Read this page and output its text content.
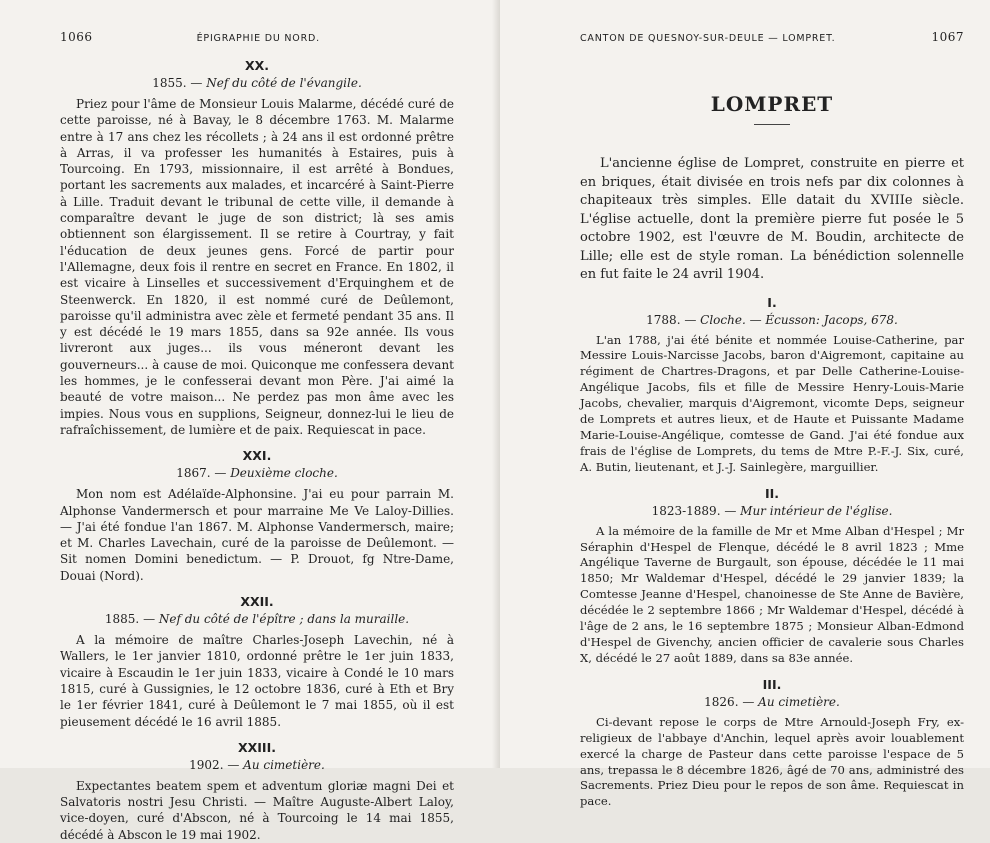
1066	ÉPIGRAPHIE DU NORD.
XX.
1855. — Nef du côté de l'évangile.

Priez pour l'âme de Monsieur Louis Malarme, décédé curé de cette paroisse, né à Bavay, le 8 décembre 1763. M. Malarme entre à 17 ans chez les récollets ; à 24 ans il est ordonné prêtre à Arras, il va professer les humanités à Estaires, puis à Tourcoing. En 1793, missionnaire, il est arrêté à Bondues, portant les sacrements aux malades, et incarcéré à Saint-Pierre à Lille. Traduit devant le tribunal de cette ville, il demande à comparaître devant le juge de son district; là ses amis obtiennent son élargissement. Il se retire à Courtray, y fait l'éducation de deux jeunes gens. Forcé de partir pour l'Allemagne, deux fois il rentre en secret en France. En 1802, il est vicaire à Linselles et successivement d'Erquinghem et de Steenwerck. En 1820, il est nommé curé de Deûlemont, paroisse qu'il administra avec zèle et fermeté pendant 35 ans. Il y est décédé le 19 mars 1855, dans sa 92e année. Ils vous livreront aux juges... ils vous méneront devant les gouverneurs... à cause de moi. Quiconque me confessera devant les hommes, je le confesserai devant mon Père. J'ai aimé la beauté de votre maison... Ne perdez pas mon âme avec les impies. Nous vous en supplions, Seigneur, donnez-lui le lieu de rafraîchissement, de lumière et de paix. Requiescat in pace.

XXI.
1867. — Deuxième cloche.

Mon nom est Adélaïde-Alphonsine. J'ai eu pour parrain M. Alphonse Vandermersch et pour marraine Me Ve Laloy-Dillies. — J'ai été fondue l'an 1867. M. Alphonse Vandermersch, maire; et M. Charles Lavechain, curé de la paroisse de Deûlemont. — Sit nomen Domini benedictum. — P. Drouot, fg Ntre-Dame, Douai (Nord).

XXII.
1885. — Nef du côté de l'épître ; dans la muraille.

A la mémoire de maître Charles-Joseph Lavechin, né à Wallers, le 1er janvier 1810, ordonné prêtre le 1er juin 1833, vicaire à Escaudin le 1er juin 1833, vicaire à Condé le 10 mars 1815, curé à Gussignies, le 12 octobre 1836, curé à Eth et Bry le 1er février 1841, curé à Deûlemont le 7 mai 1855, où il est pieusement décédé le 16 avril 1885.

XXIII.
1902. — Au cimetière.

Expectantes beatem spem et adventum gloriæ magni Dei et Salvatoris nostri Jesu Christi. — Maître Auguste-Albert Laloy, vice-doyen, curé d'Abscon, né à Tourcoing le 14 mai 1855, décédé à Abscon le 19 mai 1902.

CANTON DE QUESNOY-SUR-DEULE — LOMPRET.	1067
LOMPRET

L'ancienne église de Lompret, construite en pierre et en briques, était divisée en trois nefs par dix colonnes à chapiteaux très simples. Elle datait du XVIIIe siècle. L'église actuelle, dont la première pierre fut posée le 5 octobre 1902, est l'œuvre de M. Boudin, architecte de Lille; elle est de style roman. La bénédiction solennelle en fut faite le 24 avril 1904.

I.
1788. — Cloche. — Écusson: Jacops, 678.

L'an 1788, j'ai été bénite et nommée Louise-Catherine, par Messire Louis-Narcisse Jacobs, baron d'Aigremont, capitaine au régiment de Chartres-Dragons, et par Delle Catherine-Louise-Angélique Jacobs, fils et fille de Messire Henry-Louis-Marie Jacobs, chevalier, marquis d'Aigremont, vicomte Deps, seigneur de Lomprets et autres lieux, et de Haute et Puissante Madame Marie-Louise-Angélique, comtesse de Gand. J'ai été fondue aux frais de l'église de Lomprets, du tems de Mtre P.-F.-J. Six, curé, A. Butin, lieutenant, et J.-J. Sainlegère, marguillier.

II.
1823-1889. — Mur intérieur de l'église.

A la mémoire de la famille de Mr et Mme Alban d'Hespel ; Mr Séraphin d'Hespel de Flenque, décédé le 8 avril 1823 ; Mme Angélique Taverne de Burgault, son épouse, décédée le 11 mai 1850; Mr Waldemar d'Hespel, décédé le 29 janvier 1839; la Comtesse Jeanne d'Hespel, chanoinesse de Ste Anne de Bavière, décédée le 2 septembre 1866 ; Mr Waldemar d'Hespel, décédé à l'âge de 2 ans, le 16 septembre 1875 ; Monsieur Alban-Edmond d'Hespel de Givenchy, ancien officier de cavalerie sous Charles X, décédé le 27 août 1889, dans sa 83e année.

III.
1826. — Au cimetière.

Ci-devant repose le corps de Mtre Arnould-Joseph Fry, ex-religieux de l'abbaye d'Anchin, lequel après avoir louablement exercé la charge de Pasteur dans cette paroisse l'espace de 5 ans, trepassa le 8 décembre 1826, âgé de 70 ans, administré des Sacrements. Priez Dieu pour le repos de son âme. Requiescat in pace.
